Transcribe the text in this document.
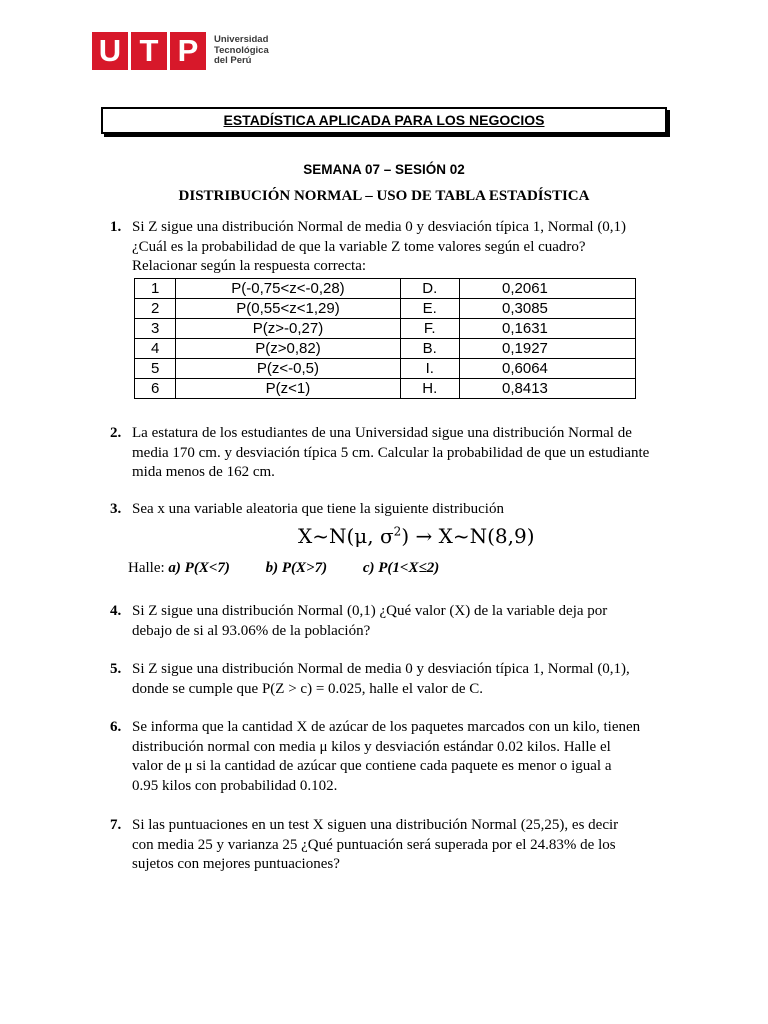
U T P	Universidad
Tecnológica
del Perú
ESTADÍSTICA APLICADA PARA LOS NEGOCIOS
SEMANA 07 – SESIÓN 02
DISTRIBUCIÓN NORMAL – USO DE TABLA ESTADÍSTICA
1. Si Z sigue una distribución Normal de media 0 y desviación típica 1, Normal (0,1)
¿Cuál es la probabilidad de que la variable Z tome valores según el cuadro?
Relacionar según la respuesta correcta:
1	P(-0,75<z<-0,28)	D.	0,2061
2	P(0,55<z<1,29)	E.	0,3085
3	P(z>-0,27)	F.	0,1631
4	P(z>0,82)	B.	0,1927
5	P(z<-0,5)	I.	0,6064
6	P(z<1)	H.	0,8413
2. La estatura de los estudiantes de una Universidad sigue una distribución Normal de
media 170 cm. y desviación típica 5 cm. Calcular la probabilidad de que un estudiante
mida menos de 162 cm.
3. Sea x una variable aleatoria que tiene la siguiente distribución
X~N(μ, $\sigma^2$) → X~N(8,9)
Halle: a) P(X<7) b) P(X>7) c) P(1<X≤2)
4. Si Z sigue una distribución Normal (0,1) ¿Qué valor (X) de la variable deja por
debajo de si al 93.06% de la población?
5. Si Z sigue una distribución Normal de media 0 y desviación típica 1, Normal (0,1),
donde se cumple que P(Z > c) = 0.025, halle el valor de C.
6. Se informa que la cantidad X de azúcar de los paquetes marcados con un kilo, tienen
distribución normal con media μ kilos y desviación estándar 0.02 kilos. Halle el
valor de μ si la cantidad de azúcar que contiene cada paquete es menor o igual a
0.95 kilos con probabilidad 0.102.
7. Si las puntuaciones en un test X siguen una distribución Normal (25,25), es decir
con media 25 y varianza 25 ¿Qué puntuación será superada por el 24.83% de los
sujetos con mejores puntuaciones?
